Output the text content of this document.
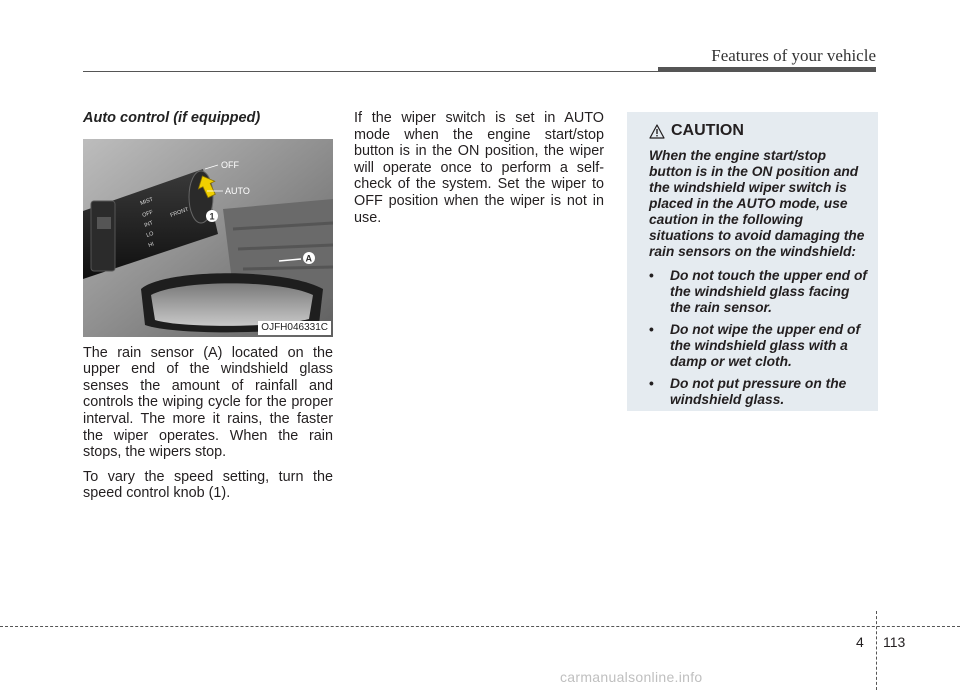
Features of your vehicle
Auto control (if equipped)
MIST
OFF
INT
LO
HI
FRONT
OFF
AUTO
1
A
OJFH046331C

The rain sensor (A) located on the upper end of the windshield glass senses the amount of rainfall and controls the wiping cycle for the proper interval. The more it rains, the faster the wiper operates. When the rain stops, the wipers stop.

To vary the speed setting, turn the speed control knob (1).

If the wiper switch is set in AUTO mode when the engine start/stop button is in the ON position, the wiper will operate once to perform a self-check of the system. Set the wiper to OFF position when the wiper is not in use.

CAUTION

When the engine start/stop button is in the ON position and the windshield wiper switch is placed in the AUTO mode, use caution in the following situations to avoid damaging the rain sensors on the windshield:

• Do not touch the upper end of the windshield glass facing the rain sensor.
• Do not wipe the upper end of the windshield glass with a damp or wet cloth.
• Do not put pressure on the windshield glass.
4 113
carmanualsonline.info
